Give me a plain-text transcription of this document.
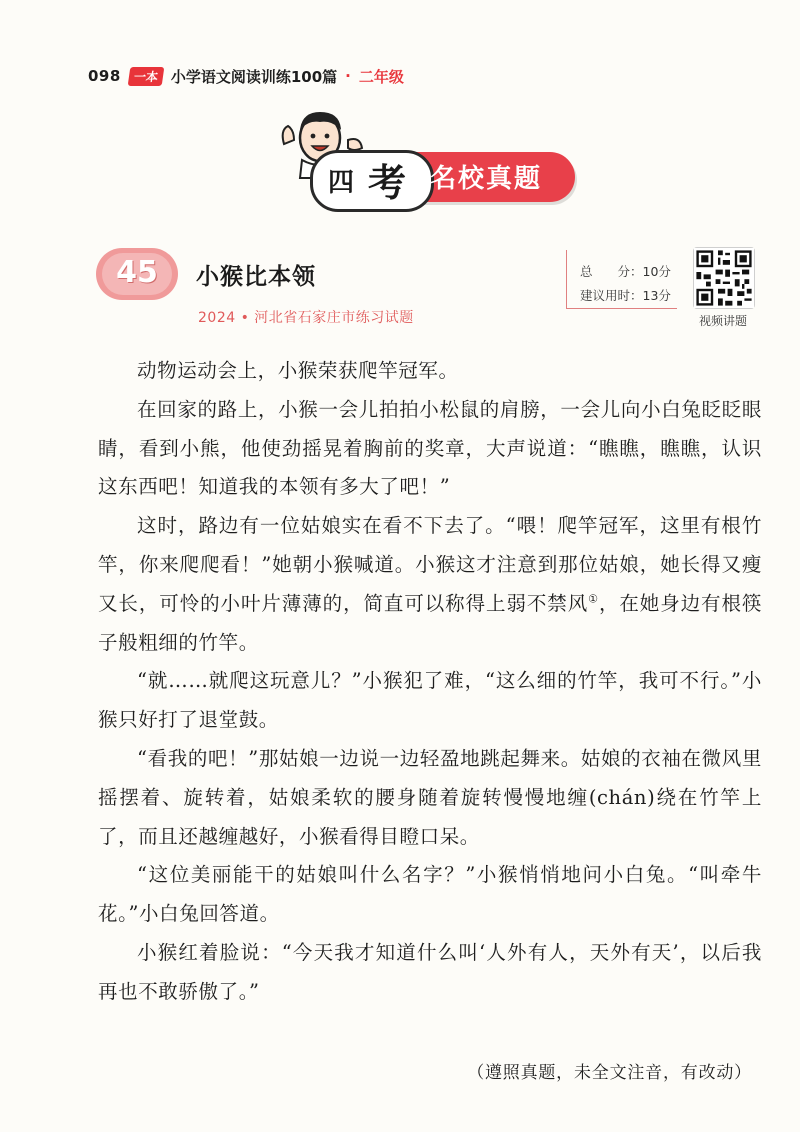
098 一本 小学语文阅读训练100篇 · 二年级
四 考 名校真题
45	小猴比本领
2024 • 河北省石家庄市练习试题
总　　分：10分
建议用时：13分
视频讲题

动物运动会上，小猴荣获爬竿冠军。

在回家的路上，小猴一会儿拍拍小松鼠的肩膀，一会儿向小白兔眨眨眼睛，看到小熊，他使劲摇晃着胸前的奖章，大声说道：“瞧瞧，瞧瞧，认识这东西吧！知道我的本领有多大了吧！”

这时，路边有一位姑娘实在看不下去了。“喂！爬竿冠军，这里有根竹竿，你来爬爬看！”她朝小猴喊道。小猴这才注意到那位姑娘，她长得又瘦又长，可怜的小叶片薄薄的，简直可以称得上弱不禁风①，在她身边有根筷子般粗细的竹竿。

“就……就爬这玩意儿？”小猴犯了难，“这么细的竹竿，我可不行。”小猴只好打了退堂鼓。

“看我的吧！”那姑娘一边说一边轻盈地跳起舞来。姑娘的衣袖在微风里摇摆着、旋转着，姑娘柔软的腰身随着旋转慢慢地缠(chán)绕在竹竿上了，而且还越缠越好，小猴看得目瞪口呆。

“这位美丽能干的姑娘叫什么名字？”小猴悄悄地问小白兔。“叫牵牛花。”小白兔回答道。

小猴红着脸说：“今天我才知道什么叫‘人外有人，天外有天’，以后我再也不敢骄傲了。”

（遵照真题，未全文注音，有改动）
